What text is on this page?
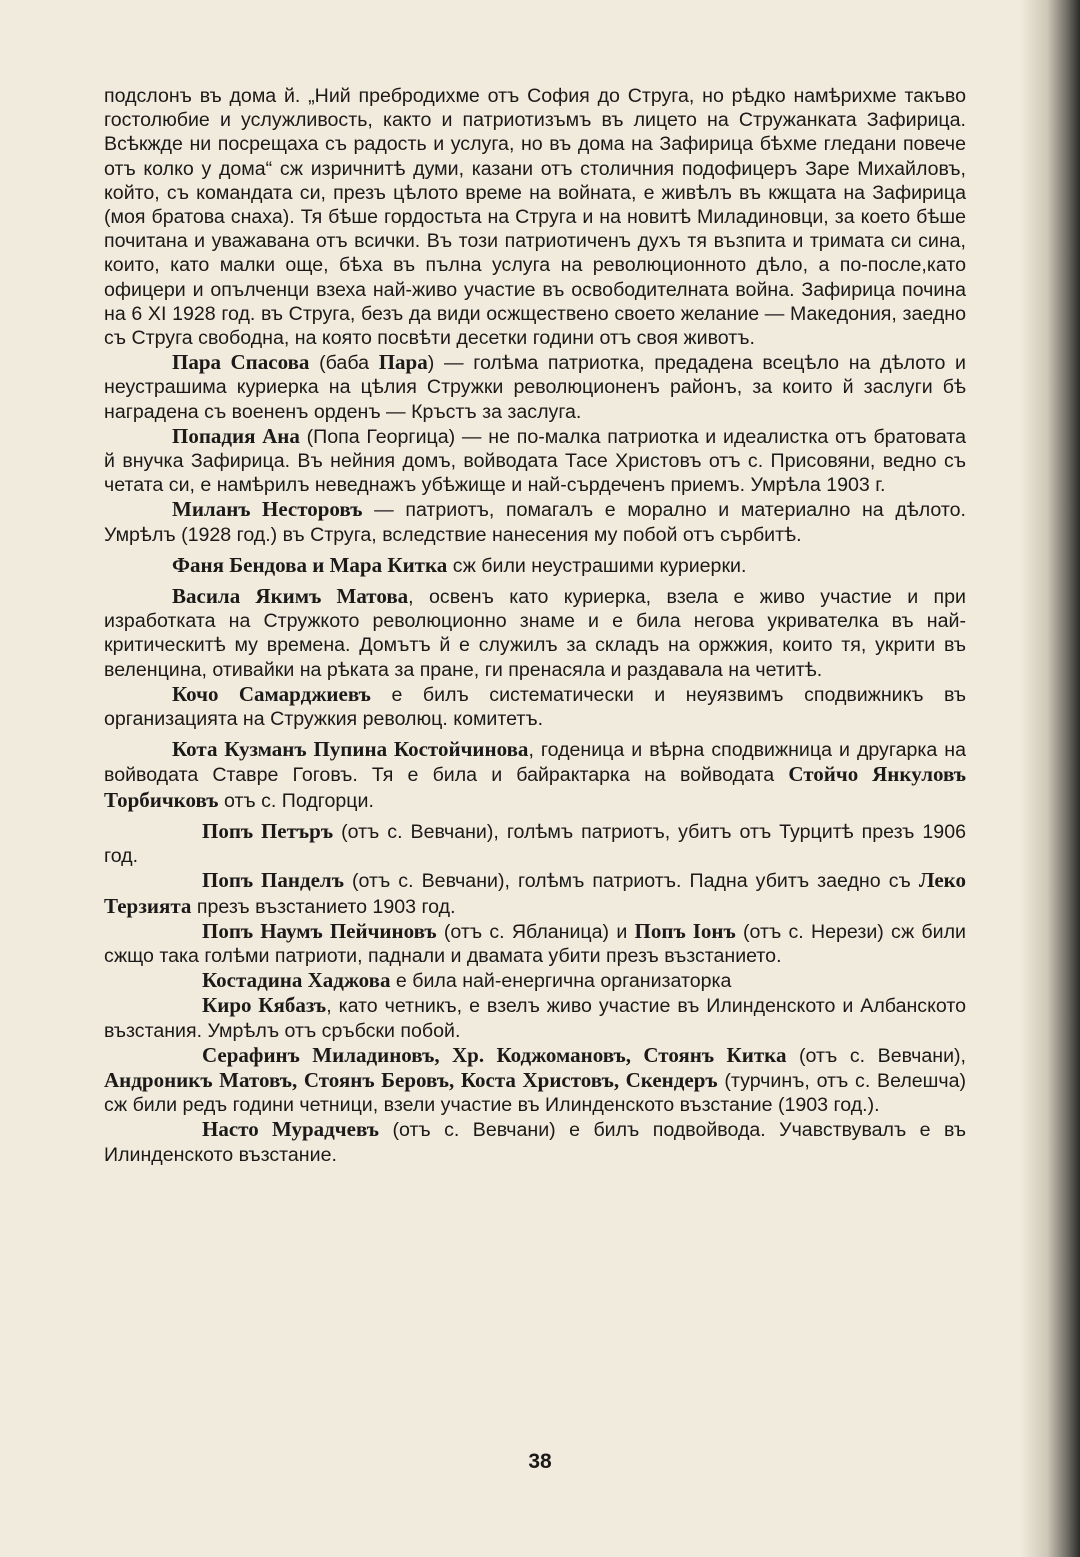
подслонъ въ дома й. „Ний пребродихме отъ София до Струга, но рѣдко намѣрихме такъво гостолюбие и услужливость, както и патриотизъмъ въ лицето на Стружанката Зафирица. Всѣкждe ни посрещаха съ радость и услуга, но въ дома на Зафирица бѣхме гледани повече отъ колко у дома“ сж изричнитѣ думи, казани отъ столичния подофицеръ Заре Михайловъ, който, съ командата си, презъ цѣлото време на войната, е живѣлъ въ кжщата на Зафирица (моя братова снаха). Тя бѣше гордостьта на Струга и на новитѣ Миладиновци, за което бѣше почитана и уважавана отъ всички. Въ този патриотиченъ духъ тя възпита и тримата си сина, които, като малки още, бѣха въ пълна услуга на революционното дѣло, а по-после,като офицери и опълченци взеха най-живо участие въ освободителната война. Зафирица почина на 6 XI 1928 год. въ Струга, безъ да види осжществено своето желание — Македония, заедно съ Струга свободна, на която посвѣти десетки години отъ своя животъ.

Пара Спасова (баба Пара) — голѣма патриотка, предадена всецѣло на дѣлото и неустрашима куриерка на цѣлия Стружки революционенъ районъ, за които й заслуги бѣ наградена съ воененъ орденъ — Кръстъ за заслуга.

Попадия Ана (Попа Георгица) — не по-малка патриотка и идеалистка отъ братовата й внучка Зафирица. Въ нейния домъ, войводата Тасе Христовъ отъ с. Присовяни, ведно съ четата си, е намѣрилъ неведнажъ убѣжище и най-сърдеченъ приемъ. Умрѣла 1903 г.

Миланъ Несторовъ — патриотъ, помагалъ е морално и материално на дѣлото. Умрѣлъ (1928 год.) въ Струга, вследствие нанесения му побой отъ сърбитѣ.

Фаня Бендова и Мара Китка сж били неустрашими куриерки.

Васила Якимъ Матова, освенъ като куриерка, взела е живо участие и при изработката на Стружкото революционно знаме и е била негова укривателка въ най-критическитѣ му времена. Домътъ й е служилъ за складъ на оржжия, които тя, укрити въ веленцина, отивайки на рѣката за пране, ги пренасяла и раздавала на четитѣ.

Кочо Самарджиевъ е билъ систематически и неуязвимъ сподвижникъ въ организацията на Стружкия революц. комитетъ.

Кота Кузманъ Пупина Костойчинова, годеница и вѣрна сподвижница и другарка на войводата Ставре Гоговъ. Тя е била и байрактарка на войводата Стойчо Янкуловъ Торбичковъ отъ с. Подгорци.

Попъ Петъръ (отъ с. Вевчани), голѣмъ патриотъ, убитъ отъ Турцитѣ презъ 1906 год.

Попъ Панделъ (отъ с. Вевчани), голѣмъ патриотъ. Падна убитъ заедно съ Леко Терзията презъ възстанието 1903 год.

Попъ Наумъ Пейчиновъ (отъ с. Ябланица) и Попъ Іонъ (отъ с. Нерези) сж били сжщо така голѣми патриоти, паднали и двамата убити презъ възстанието.

Костадина Хаджова е била най-енергична организаторка

Киро Кябазъ, като четникъ, е взелъ живо участие въ Илинденското и Албанското възстания. Умрѣлъ отъ сръбски побой.

Серафинъ Миладиновъ, Хр. Коджомановъ, Стоянъ Китка (отъ с. Вевчани), Андроникъ Матовъ, Стоянъ Беровъ, Коста Христовъ, Скендеръ (турчинъ, отъ с. Велешча) сж били редъ години четници, взели участие въ Илинденското възстание (1903 год.).

Насто Мурадчевъ (отъ с. Вевчани) е билъ подвойвода. Учавствувалъ е въ Илинденското възстание.

38
